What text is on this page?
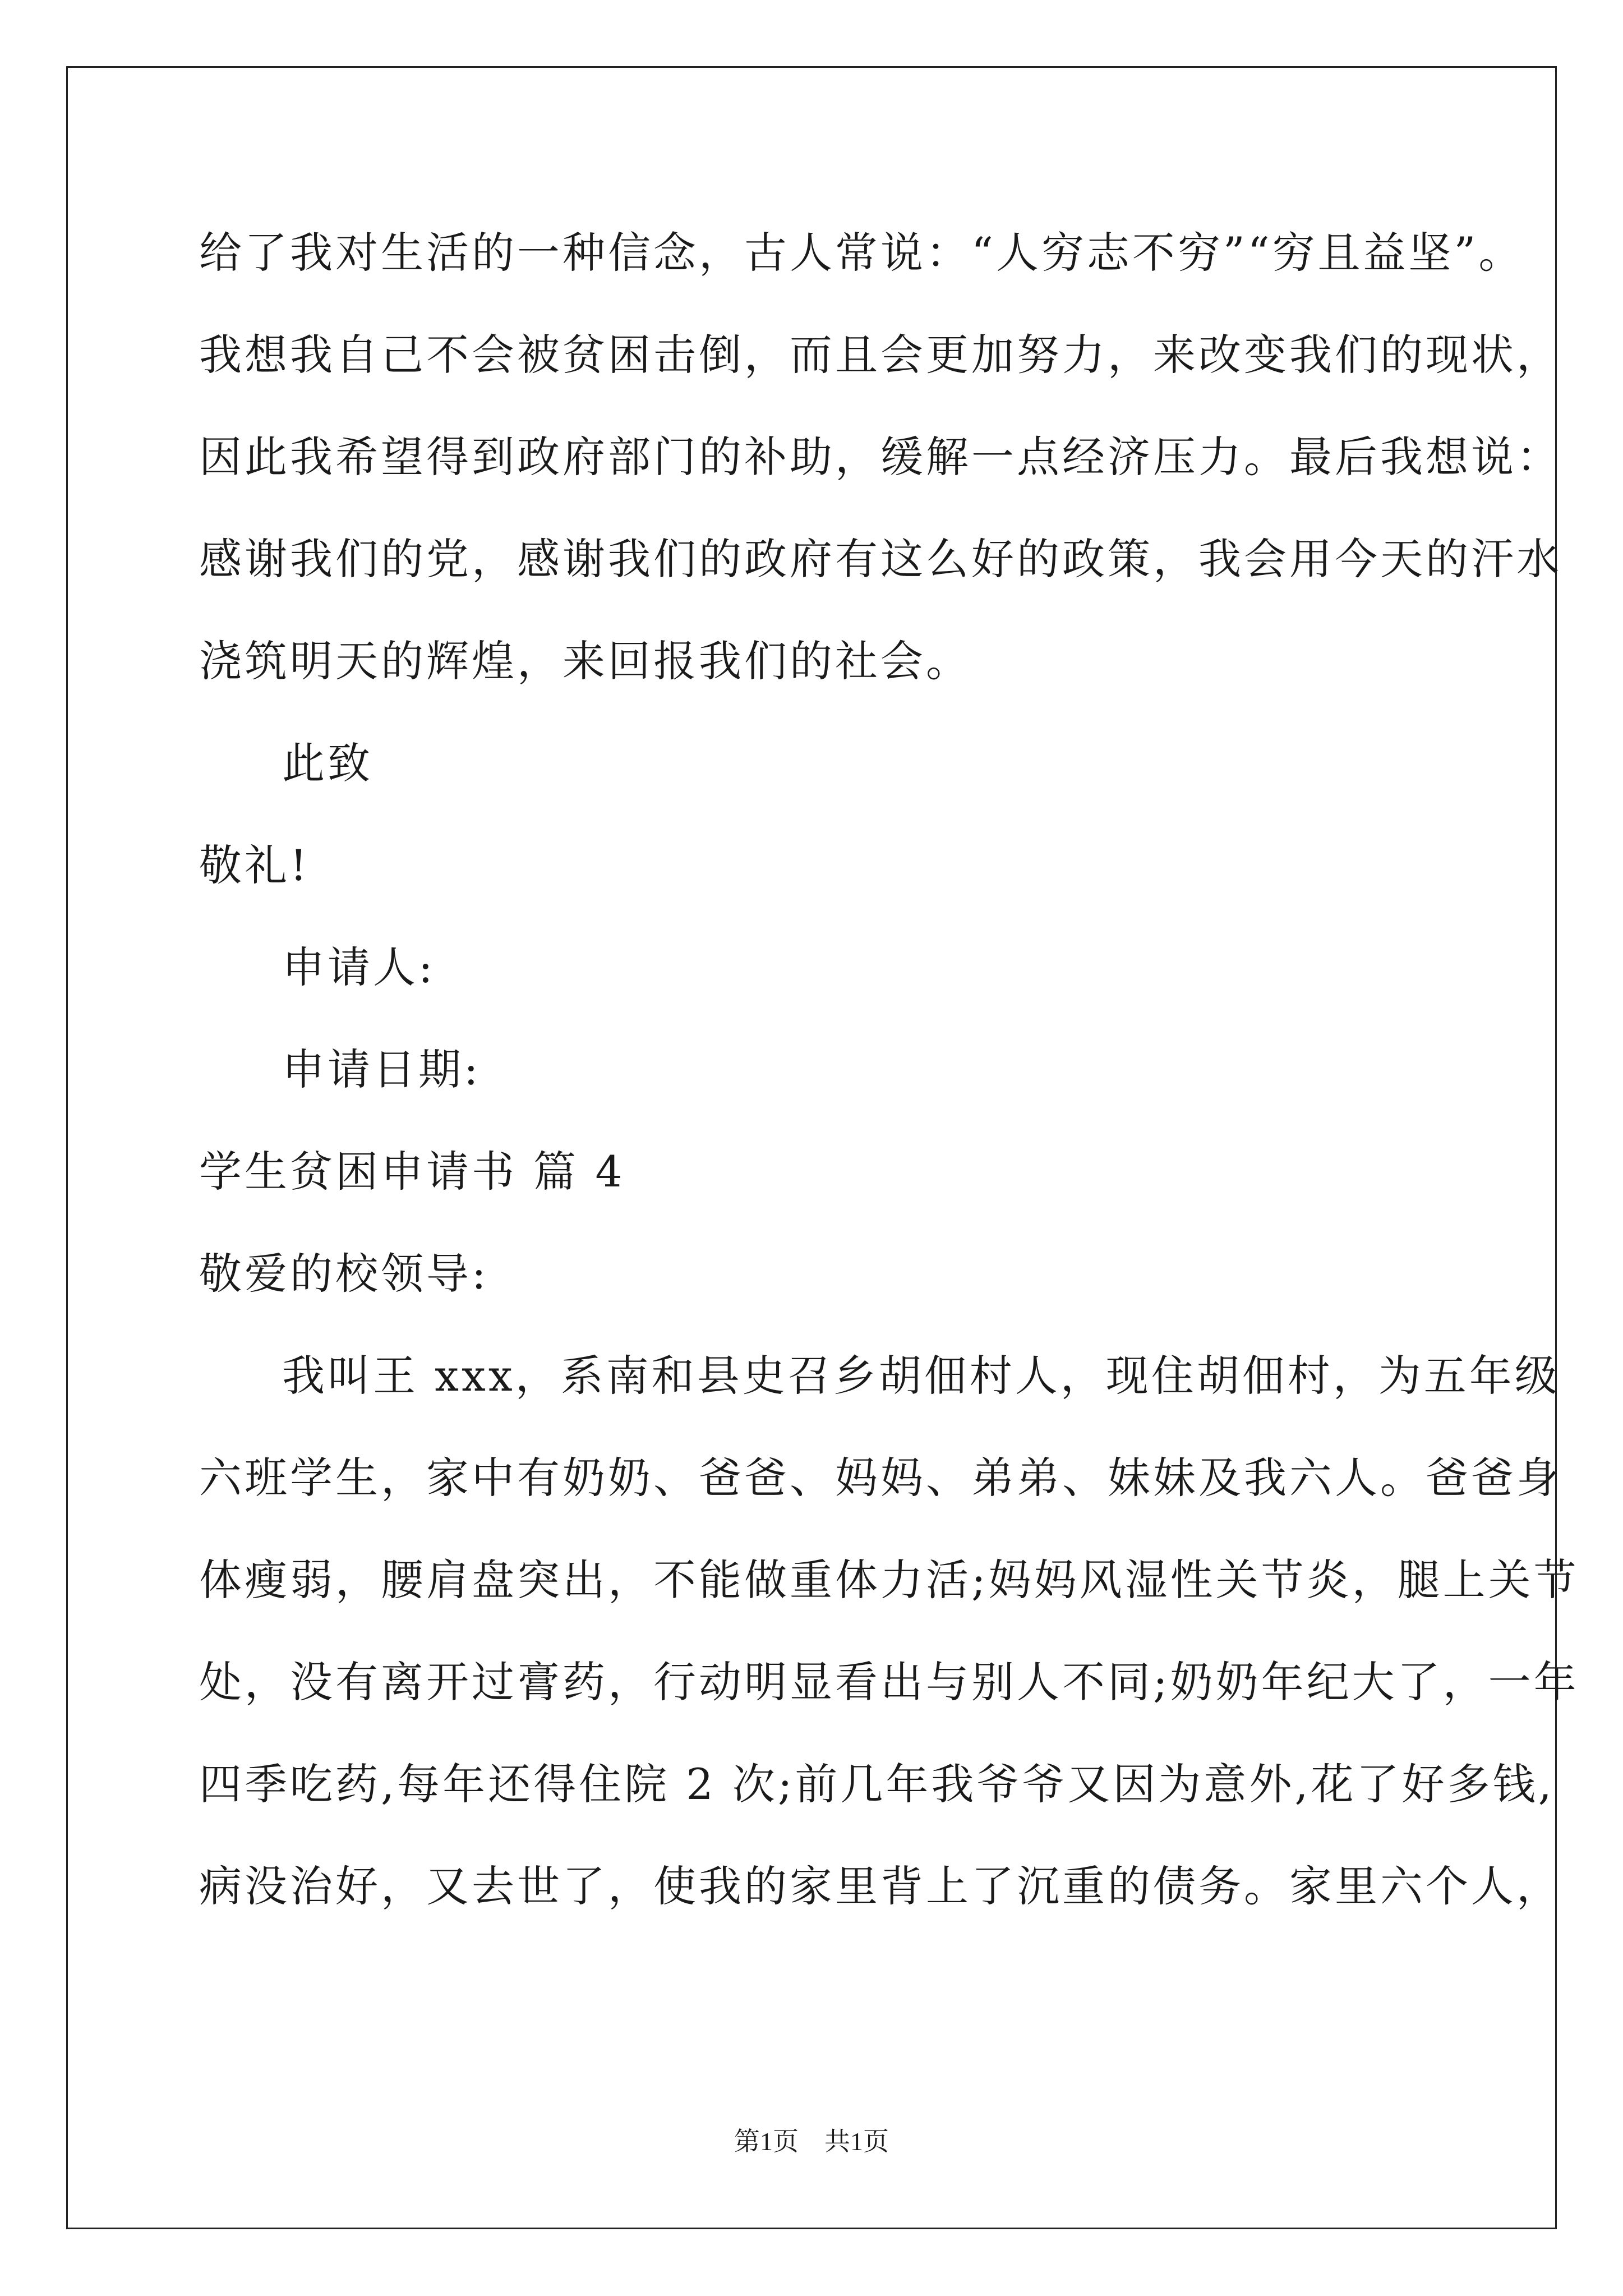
给了我对生活的一种信念，古人常说：“人穷志不穷”“穷且益坚”。
我想我自己不会被贫困击倒，而且会更加努力，来改变我们的现状，
因此我希望得到政府部门的补助，缓解一点经济压力。最后我想说：
感谢我们的党，感谢我们的政府有这么好的政策，我会用今天的汗水
浇筑明天的辉煌，来回报我们的社会。
此致
敬礼!
申请人:
申请日期:
学生贫困申请书 篇 4
敬爱的校领导:
我叫王 xxx，系南和县史召乡胡佃村人，现住胡佃村，为五年级
六班学生，家中有奶奶、爸爸、妈妈、弟弟、妹妹及我六人。爸爸身
体瘦弱，腰肩盘突出，不能做重体力活;妈妈风湿性关节炎，腿上关节
处，没有离开过膏药，行动明显看出与别人不同;奶奶年纪大了，一年
四季吃药,每年还得住院 2 次;前几年我爷爷又因为意外,花了好多钱,
病没治好，又去世了，使我的家里背上了沉重的债务。家里六个人，
第1页　共1页
